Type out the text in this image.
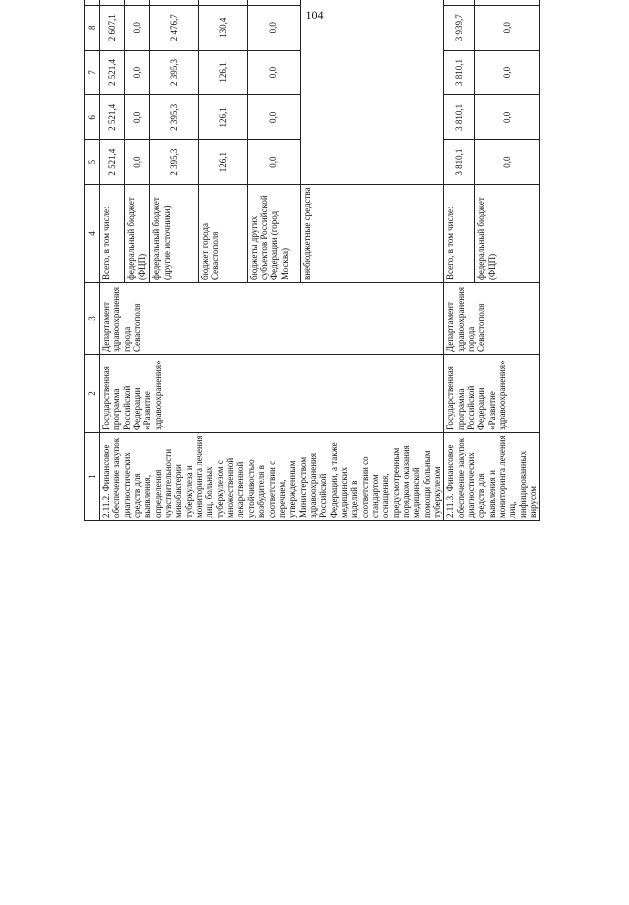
104
1	2	3	4	5	6	7	8						
2.11.2. Финансовое обеспечение закупок диагностических средств для выявления, определения чувствительности микобактерии туберкулеза и мониторинга лечения лиц, больных туберкулезом с множественной лекарственной устойчивостью возбудителя в соответствии с перечнем, утвержденным Министерством здравоохранения Российской Федерации, а также медицинских изделий в соответствии со стандартом оснащения, предусмотренным порядком оказания медицинской помощи больным туберкулезом	Государственная программа Российской Федерации «Развитие здравоохранения»	Департамент здравоохранения города Севастополя	Всего, в том числе:	2 521,4	2 521,4	2 521,4	2 607,1						
			федеральный бюджет (ФЦП)	0,0	0,0	0,0	0,0						
			федеральный бюджет (другие источники)	2 395,3	2 395,3	2 395,3	2 476,7						
			бюджет города Севастополя	126,1	126,1	126,1	130,4						
			бюджеты других субъектов Российской Федерации (город Москва)	0,0	0,0	0,0	0,0						
			внебюджетные средства	
2.11.3. Финансовое обеспечение закупок диагностических средств для выявления и мониторинга лечения лиц, инфицированных вирусом	Государственная программа Российской Федерации «Развитие здравоохранения»	Департамент здравоохранения города Севастополя	Всего, в том числе:	3 810,1	3 810,1	3 810,1	3 939,7						
			федеральный бюджет (ФЦП)	0,0	0,0	0,0	0,0						
